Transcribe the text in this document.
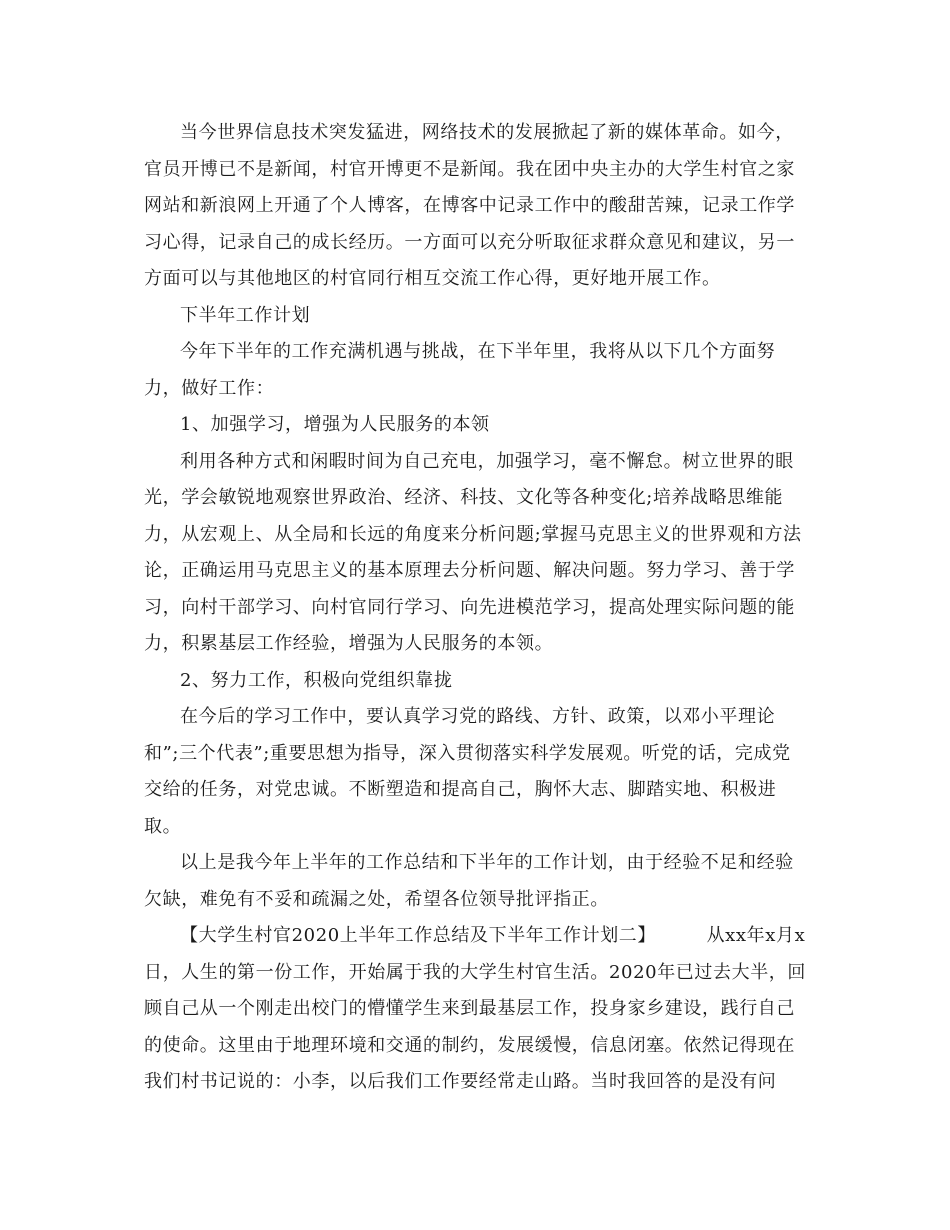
当今世界信息技术突发猛进，网络技术的发展掀起了新的媒体革命。如今，
官员开博已不是新闻，村官开博更不是新闻。我在团中央主办的大学生村官之家
网站和新浪网上开通了个人博客，在博客中记录工作中的酸甜苦辣，记录工作学
习心得，记录自己的成长经历。一方面可以充分听取征求群众意见和建议，另一
方面可以与其他地区的村官同行相互交流工作心得，更好地开展工作。

下半年工作计划

今年下半年的工作充满机遇与挑战，在下半年里，我将从以下几个方面努
力，做好工作：

1、加强学习，增强为人民服务的本领

利用各种方式和闲暇时间为自己充电，加强学习，毫不懈怠。树立世界的眼
光，学会敏锐地观察世界政治、经济、科技、文化等各种变化;培养战略思维能
力，从宏观上、从全局和长远的角度来分析问题;掌握马克思主义的世界观和方法
论，正确运用马克思主义的基本原理去分析问题、解决问题。努力学习、善于学
习，向村干部学习、向村官同行学习、向先进模范学习，提高处理实际问题的能
力，积累基层工作经验，增强为人民服务的本领。

2、努力工作，积极向党组织靠拢

在今后的学习工作中，要认真学习党的路线、方针、政策，以邓小平理论
和”;三个代表”;重要思想为指导，深入贯彻落实科学发展观。听党的话，完成党
交给的任务，对党忠诚。不断塑造和提高自己，胸怀大志、脚踏实地、积极进
取。

以上是我今年上半年的工作总结和下半年的工作计划，由于经验不足和经验
欠缺，难免有不妥和疏漏之处，希望各位领导批评指正。

【大学生村官2020上半年工作总结及下半年工作计划二】        从xx年x月x
日，人生的第一份工作，开始属于我的大学生村官生活。2020年已过去大半，回
顾自己从一个刚走出校门的懵懂学生来到最基层工作，投身家乡建设，践行自己
的使命。这里由于地理环境和交通的制约，发展缓慢，信息闭塞。依然记得现在
我们村书记说的：小李，以后我们工作要经常走山路。当时我回答的是没有问
